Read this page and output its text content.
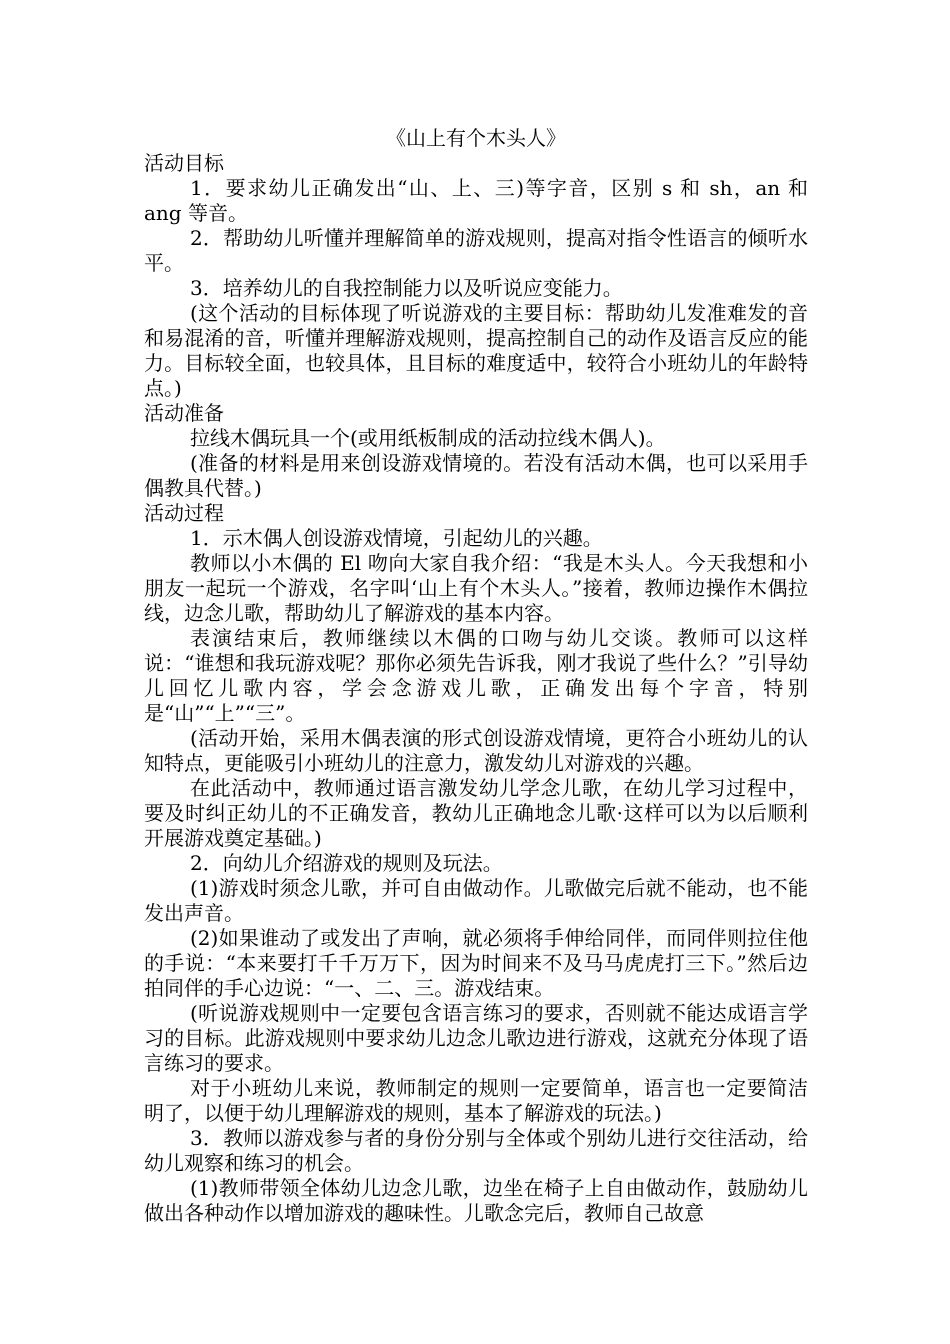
《山上有个木头人》

活动目标

1．要求幼儿正确发出“山、上、三)等字音，区别 s 和 sh，an 和 ang 等音。

2．帮助幼儿听懂并理解简单的游戏规则，提高对指令性语言的倾听水平。

3．培养幼儿的自我控制能力以及听说应变能力。

(这个活动的目标体现了听说游戏的主要目标：帮助幼儿发准难发的音和易混淆的音，听懂并理解游戏规则，提高控制自己的动作及语言反应的能力。目标较全面，也较具体，且目标的难度适中，较符合小班幼儿的年龄特点。)

活动准备

拉线木偶玩具一个(或用纸板制成的活动拉线木偶人)。

(准备的材料是用来创设游戏情境的。若没有活动木偶，也可以采用手偶教具代替。)

活动过程

1．示木偶人创设游戏情境，引起幼儿的兴趣。

教师以小木偶的 El 吻向大家自我介绍：“我是木头人。今天我想和小朋友一起玩一个游戏，名字叫‘山上有个木头人。”接着，教师边操作木偶拉线，边念儿歌，帮助幼儿了解游戏的基本内容。

表演结束后，教师继续以木偶的口吻与幼儿交谈。教师可以这样说：“谁想和我玩游戏呢？那你必须先告诉我，刚才我说了些什么？”引导幼儿回忆儿歌内容，学会念游戏儿歌，正确发出每个字音，特别是“山”“上”“三”。

(活动开始，采用木偶表演的形式创设游戏情境，更符合小班幼儿的认知特点，更能吸引小班幼儿的注意力，激发幼儿对游戏的兴趣。

在此活动中，教师通过语言激发幼儿学念儿歌，在幼儿学习过程中，要及时纠正幼儿的不正确发音，教幼儿正确地念儿歌·这样可以为以后顺利开展游戏奠定基础。)

2．向幼儿介绍游戏的规则及玩法。

(1)游戏时须念儿歌，并可自由做动作。儿歌做完后就不能动，也不能发出声音。

(2)如果谁动了或发出了声响，就必须将手伸给同伴，而同伴则拉住他的手说：“本来要打千千万万下，因为时间来不及马马虎虎打三下。”然后边拍同伴的手心边说：“一、二、三。游戏结束。

(听说游戏规则中一定要包含语言练习的要求，否则就不能达成语言学习的目标。此游戏规则中要求幼儿边念儿歌边进行游戏，这就充分体现了语言练习的要求。

对于小班幼儿来说，教师制定的规则一定要简单，语言也一定要简洁明了，以便于幼儿理解游戏的规则，基本了解游戏的玩法。)

3．教师以游戏参与者的身份分别与全体或个别幼儿进行交往活动，给幼儿观察和练习的机会。

(1)教师带领全体幼儿边念儿歌，边坐在椅子上自由做动作，鼓励幼儿做出各种动作以增加游戏的趣味性。儿歌念完后，教师自己故意
